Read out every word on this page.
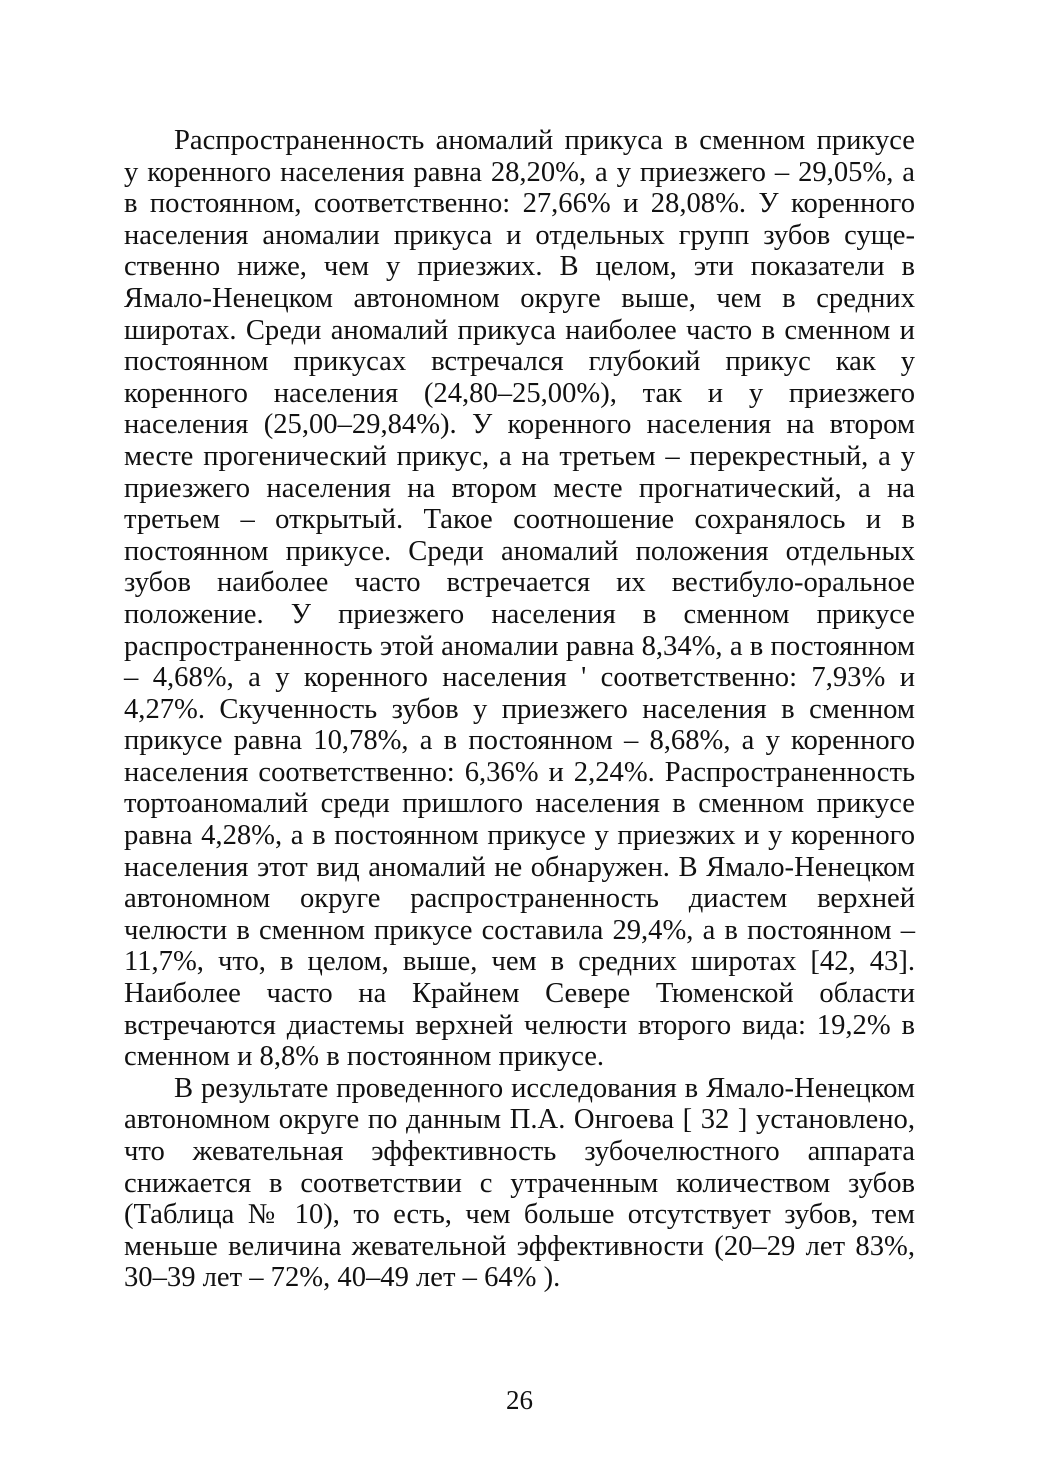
Распространенность аномалий прикуса в сменном прикусе у коренного населения равна 28,20%, а у приезжего – 29,05%, а в постоянном, соответственно: 27,66% и 28,08%. У коренного населения аномалии прикуса и отдельных групп зубов существенно ниже, чем у приезжих. В целом, эти показатели в Ямало-Ненецком автономном округе выше, чем в средних широтах. Среди аномалий прикуса наиболее часто в сменном и постоянном прикусах встречался глубокий прикус как у коренного населения (24,80–25,00%), так и у приезжего населения (25,00–29,84%). У коренного населения на втором месте прогенический прикус, а на третьем – перекрестный, а у приезжего населения на втором месте прогнатический, а на третьем – открытый. Такое соотношение сохранялось и в постоянном прикусе. Среди аномалий положения отдельных зубов наиболее часто встречается их вестибуло-оральное положение. У приезжего населения в сменном прикусе распространенность этой аномалии равна 8,34%, а в постоянном – 4,68%, а у коренного населения ' соответственно: 7,93% и 4,27%. Скученность зубов у приезжего населения в сменном прикусе равна 10,78%, а в постоянном – 8,68%, а у коренного населения соответственно: 6,36% и 2,24%. Распространенность тортоаномалий среди пришлого населения в сменном прикусе равна 4,28%, а в постоянном прикусе у приезжих и у коренного населения этот вид аномалий не обнаружен. В Ямало-Ненецком автономном округе распространенность диастем верхней челюсти в сменном прикусе составила 29,4%, а в постоянном – 11,7%, что, в целом, выше, чем в средних широтах [42, 43]. Наиболее часто на Крайнем Севере Тюменской области встречаются диастемы верхней челюсти второго вида: 19,2% в сменном и 8,8% в постоянном прикусе.

В результате проведенного исследования в Ямало-Ненецком автономном округе по данным П.А. Онгоева [ 32 ] установлено, что жевательная эффективность зубочелюстного аппарата снижается в соответствии с утраченным количеством зубов (Таблица № 10), то есть, чем больше отсутствует зубов, тем меньше величина жевательной эффективности (20–29 лет 83%, 30–39 лет – 72%, 40–49 лет – 64% ).

26
